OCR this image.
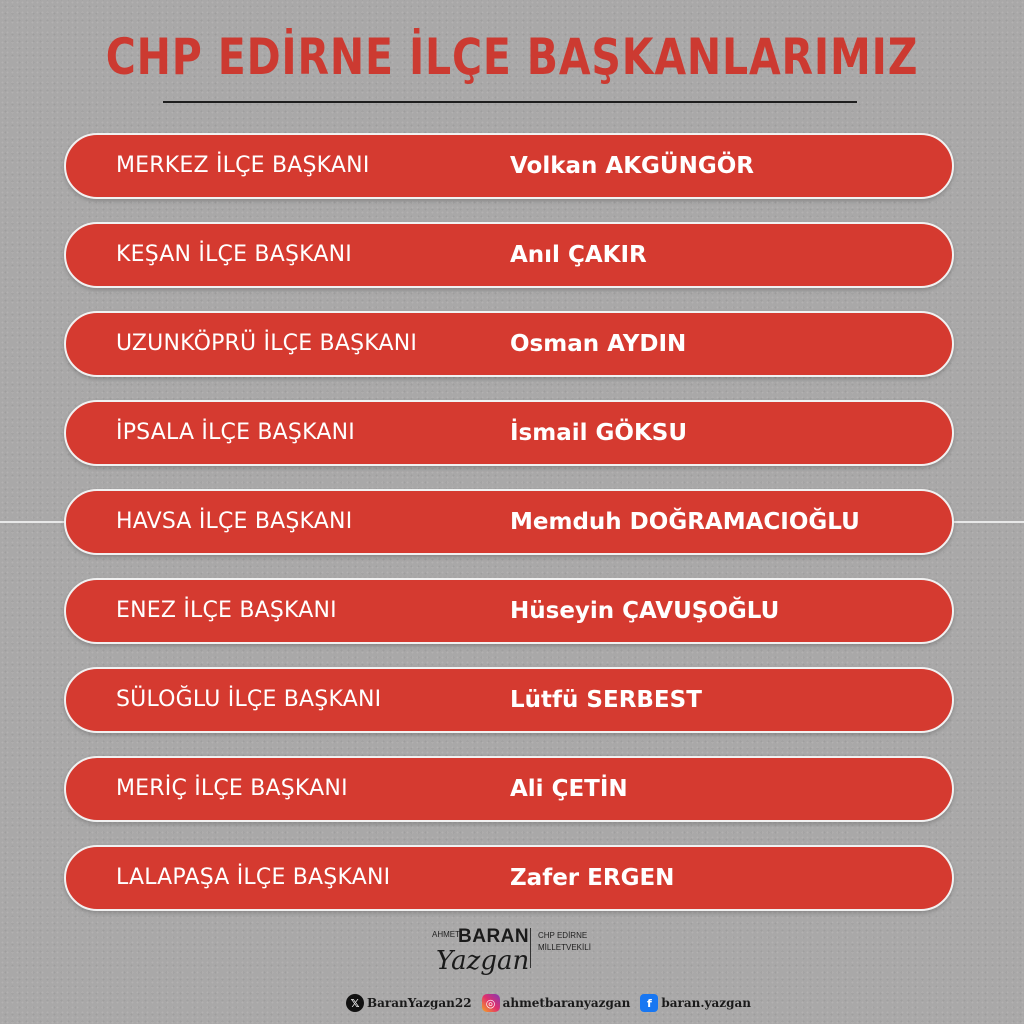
CHP EDİRNE İLÇE BAŞKANLARIMIZ
MERKEZ İLÇE BAŞKANI	Volkan AKGÜNGÖR
KEŞAN İLÇE BAŞKANI	Anıl ÇAKIR
UZUNKÖPRÜ İLÇE BAŞKANI	Osman AYDIN
İPSALA İLÇE BAŞKANI	İsmail GÖKSU
HAVSA İLÇE BAŞKANI	Memduh DOĞRAMACIOĞLU
ENEZ İLÇE BAŞKANI	Hüseyin ÇAVUŞOĞLU
SÜLOĞLU İLÇE BAŞKANI	Lütfü SERBEST
MERİÇ İLÇE BAŞKANI	Ali ÇETİN
LALAPAŞA İLÇE BAŞKANI	Zafer ERGEN
AHMET
BARAN
Yazgan
CHP EDİRNE
MİLLETVEKİLİ
𝕏 BaranYazgan22	◎ ahmetbaranyazgan	f baran.yazgan
